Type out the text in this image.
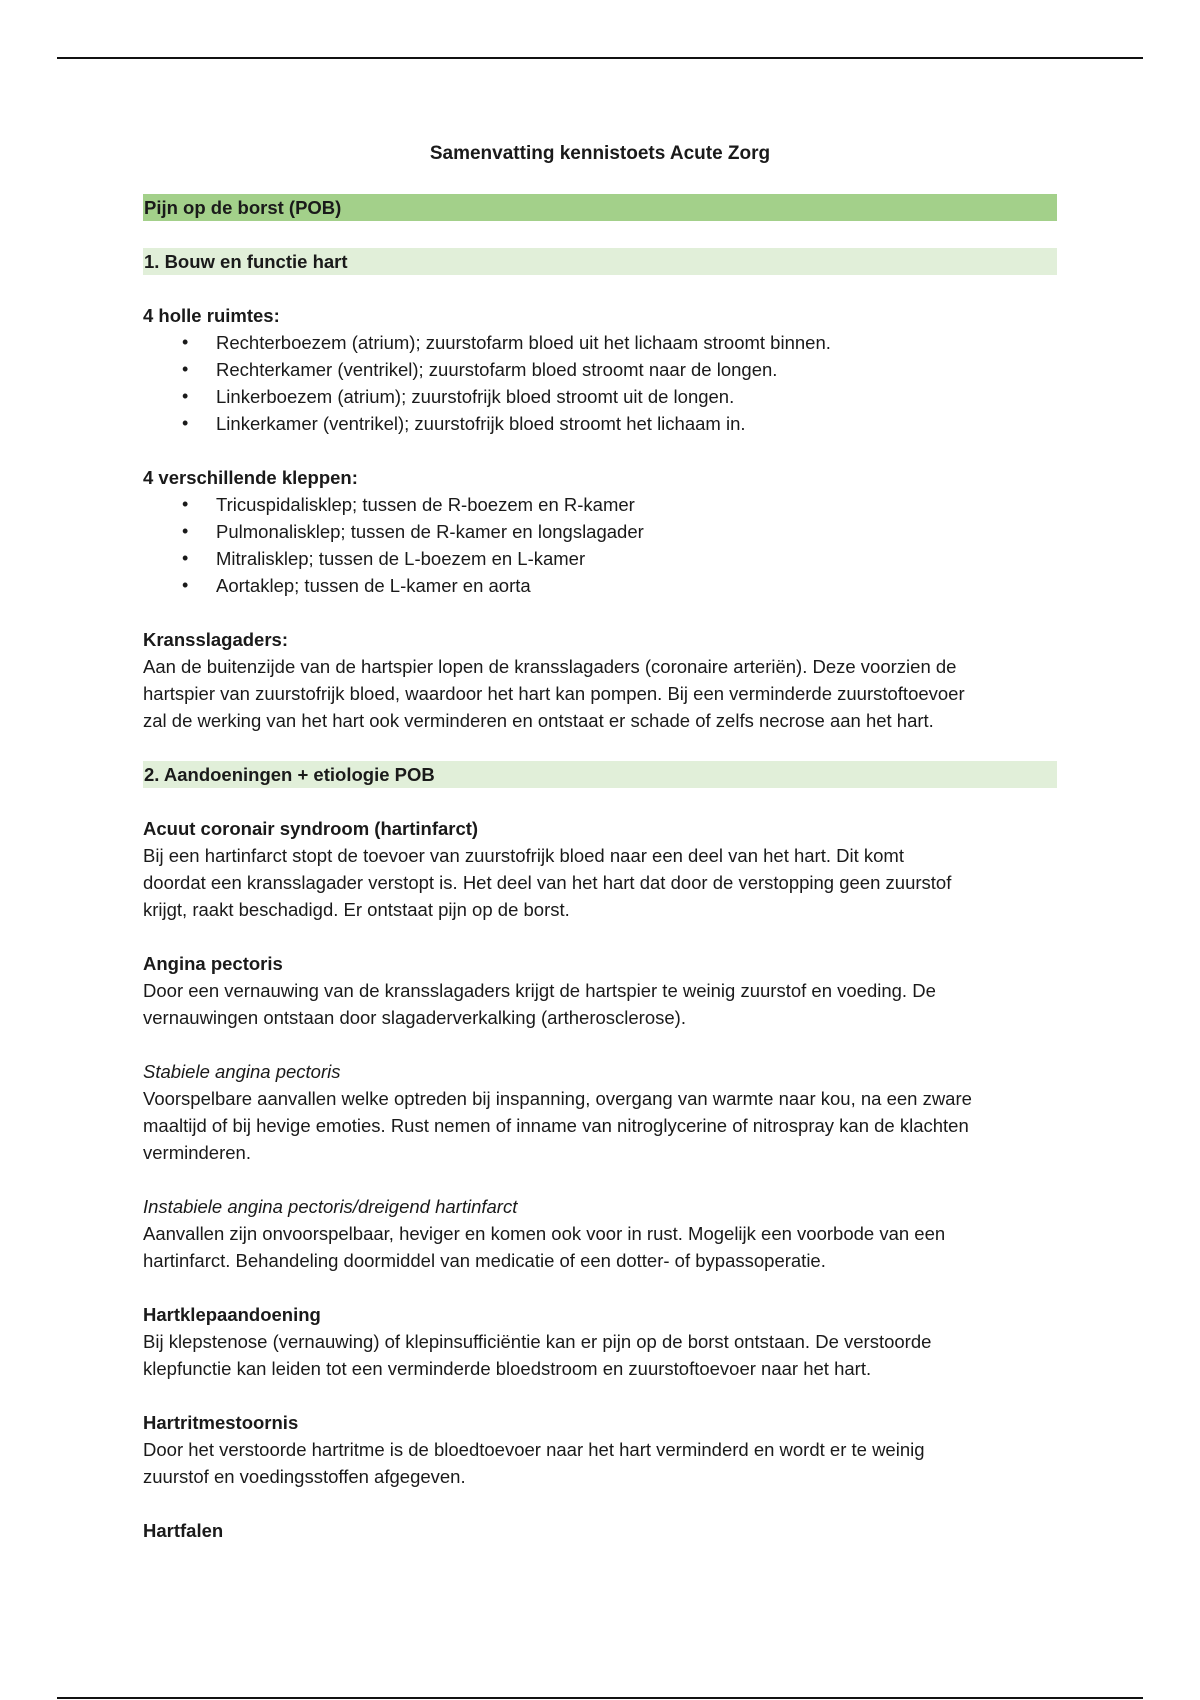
Samenvatting kennistoets Acute Zorg
Pijn op de borst (POB)
1. Bouw en functie hart
4 holle ruimtes:
• Rechterboezem (atrium); zuurstofarm bloed uit het lichaam stroomt binnen.
• Rechterkamer (ventrikel); zuurstofarm bloed stroomt naar de longen.
• Linkerboezem (atrium); zuurstofrijk bloed stroomt uit de longen.
• Linkerkamer (ventrikel); zuurstofrijk bloed stroomt het lichaam in.
4 verschillende kleppen:
• Tricuspidalisklep; tussen de R-boezem en R-kamer
• Pulmonalisklep; tussen de R-kamer en longslagader
• Mitralisklep; tussen de L-boezem en L-kamer
• Aortaklep; tussen de L-kamer en aorta
Kransslagaders:

Aan de buitenzijde van de hartspier lopen de kransslagaders (coronaire arteriën). Deze voorzien de

hartspier van zuurstofrijk bloed, waardoor het hart kan pompen. Bij een verminderde zuurstoftoevoer

zal de werking van het hart ook verminderen en ontstaat er schade of zelfs necrose aan het hart.

2. Aandoeningen + etiologie POB
Acuut coronair syndroom (hartinfarct)

Bij een hartinfarct stopt de toevoer van zuurstofrijk bloed naar een deel van het hart. Dit komt

doordat een kransslagader verstopt is. Het deel van het hart dat door de verstopping geen zuurstof

krijgt, raakt beschadigd. Er ontstaat pijn op de borst.

Angina pectoris

Door een vernauwing van de kransslagaders krijgt de hartspier te weinig zuurstof en voeding. De

vernauwingen ontstaan door slagaderverkalking (artherosclerose).

Stabiele angina pectoris

Voorspelbare aanvallen welke optreden bij inspanning, overgang van warmte naar kou, na een zware

maaltijd of bij hevige emoties. Rust nemen of inname van nitroglycerine of nitrospray kan de klachten

verminderen.

Instabiele angina pectoris/dreigend hartinfarct

Aanvallen zijn onvoorspelbaar, heviger en komen ook voor in rust. Mogelijk een voorbode van een

hartinfarct. Behandeling doormiddel van medicatie of een dotter- of bypassoperatie.

Hartklepaandoening

Bij klepstenose (vernauwing) of klepinsufficiëntie kan er pijn op de borst ontstaan. De verstoorde

klepfunctie kan leiden tot een verminderde bloedstroom en zuurstoftoevoer naar het hart.

Hartritmestoornis

Door het verstoorde hartritme is de bloedtoevoer naar het hart verminderd en wordt er te weinig

zuurstof en voedingsstoffen afgegeven.

Hartfalen
